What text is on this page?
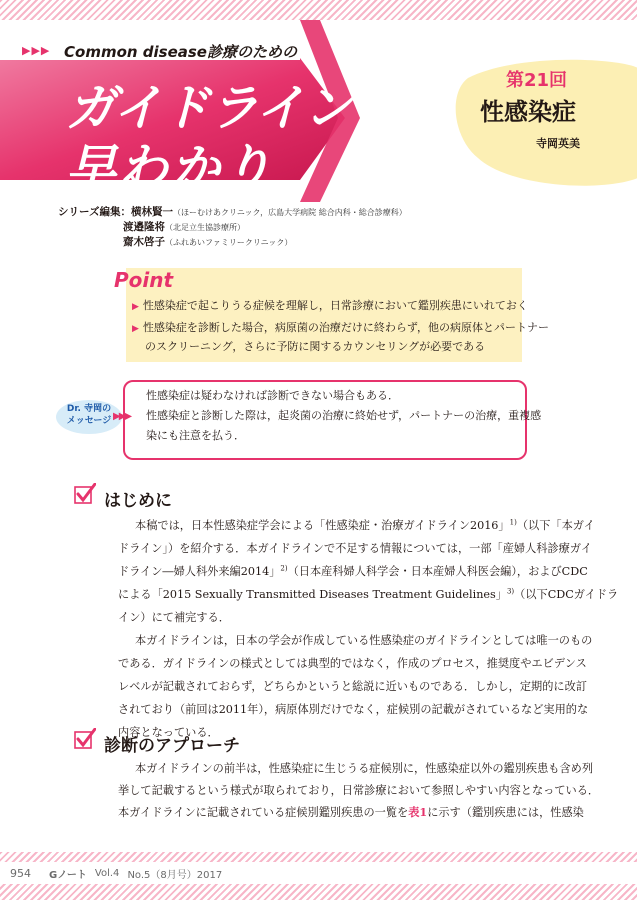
▶▶▶ Common disease診療のための
ガイドライン
早わかり
第21回
性感染症
寺岡英美
シリーズ編集：横林賢一（ほーむけあクリニック，広島大学病院 総合内科・総合診療科）
渡邉隆将（北足立生協診療所）
齋木啓子（ふれあいファミリークリニック）
Point
▶ 性感染症で起こりうる症候を理解し，日常診療において鑑別疾患にいれておく
▶ 性感染症を診断した場合，病原菌の治療だけに終わらず，他の病原体とパートナー
のスクリーニング，さらに予防に関するカウンセリングが必要である
Dr. 寺岡の
メッセージ ▶▶▶
性感染症は疑わなければ診断できない場合もある．
性感染症と診断した際は，起炎菌の治療に終始せず，パートナーの治療，重複感
染にも注意を払う．
はじめに
本稿では，日本性感染症学会による「性感染症・治療ガイドライン2016」$^{1)}$（以下「本ガイ
ドライン」）を紹介する．本ガイドラインで不足する情報については，一部「産婦人科診療ガイ
ドライン―婦人科外来編2014」$^{2)}$（日本産科婦人科学会・日本産婦人科医会編），およびCDC
による「2015 Sexually Transmitted Diseases Treatment Guidelines」$^{3)}$（以下CDCガイドラ
イン）にて補完する．
本ガイドラインは，日本の学会が作成している性感染症のガイドラインとしては唯一のもの
である．ガイドラインの様式としては典型的ではなく，作成のプロセス，推奨度やエビデンス
レベルが記載されておらず，どちらかというと総説に近いものである．しかし，定期的に改訂
されており（前回は2011年），病原体別だけでなく，症候別の記載がされているなど実用的な
内容となっている．
診断のアプローチ
本ガイドラインの前半は，性感染症に生じうる症候別に，性感染症以外の鑑別疾患も含め列
挙して記載するという様式が取られており，日常診療において参照しやすい内容となっている．
本ガイドラインに記載されている症候別鑑別疾患の一覧を表1に示す（鑑別疾患には，性感染
954 Gノート Vol.4 No.5（8月号）2017
